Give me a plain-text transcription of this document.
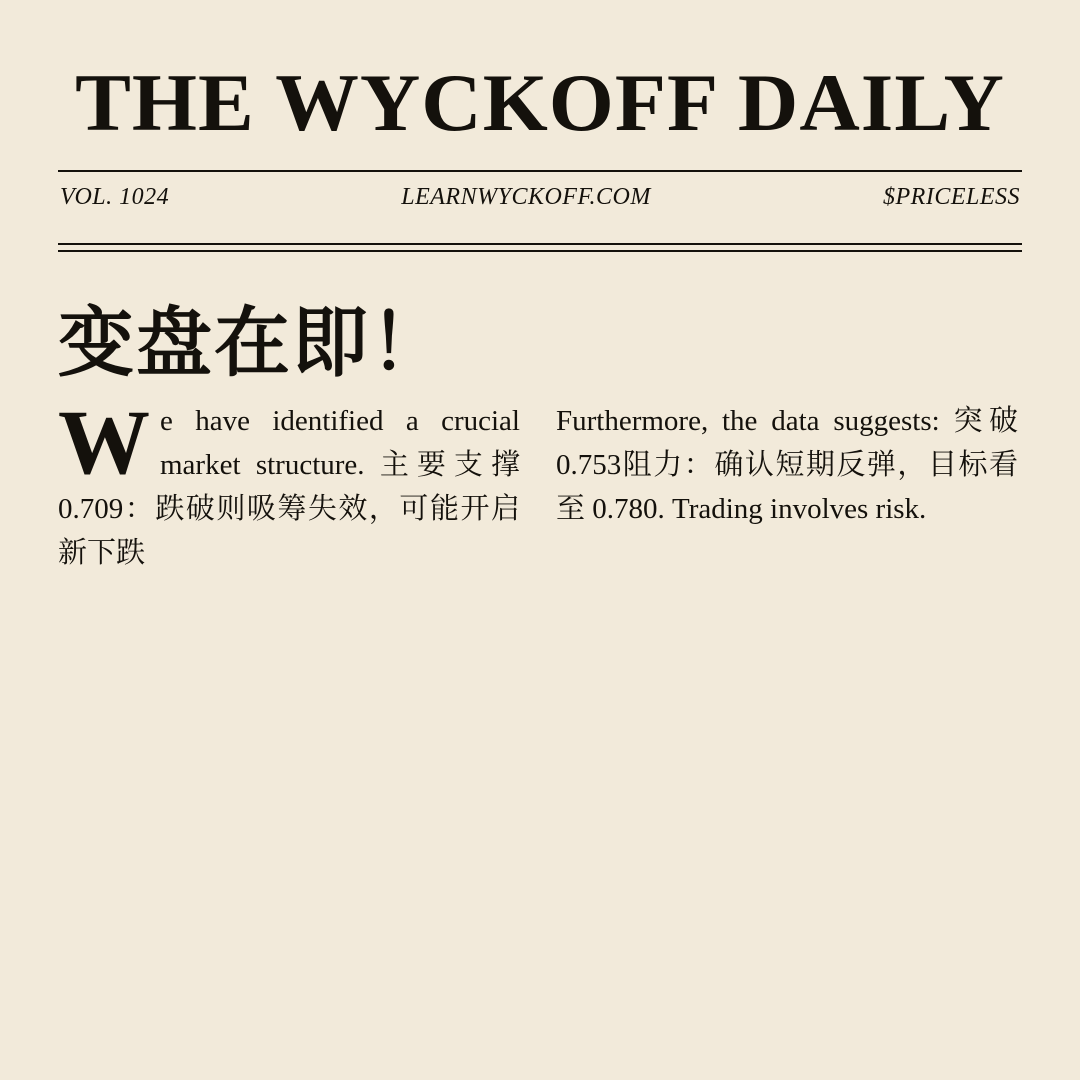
THE WYCKOFF DAILY
VOL. 1024	LEARNWYCKOFF.COM	$PRICELESS
变盘在即！

We have identified a crucial market structure. 主要支撑 0.709：跌破则吸筹失效，可能开启新下跌

Furthermore, the data suggests: 突破0.753阻力：确认短期反弹，目标看至 0.780. Trading involves risk.
